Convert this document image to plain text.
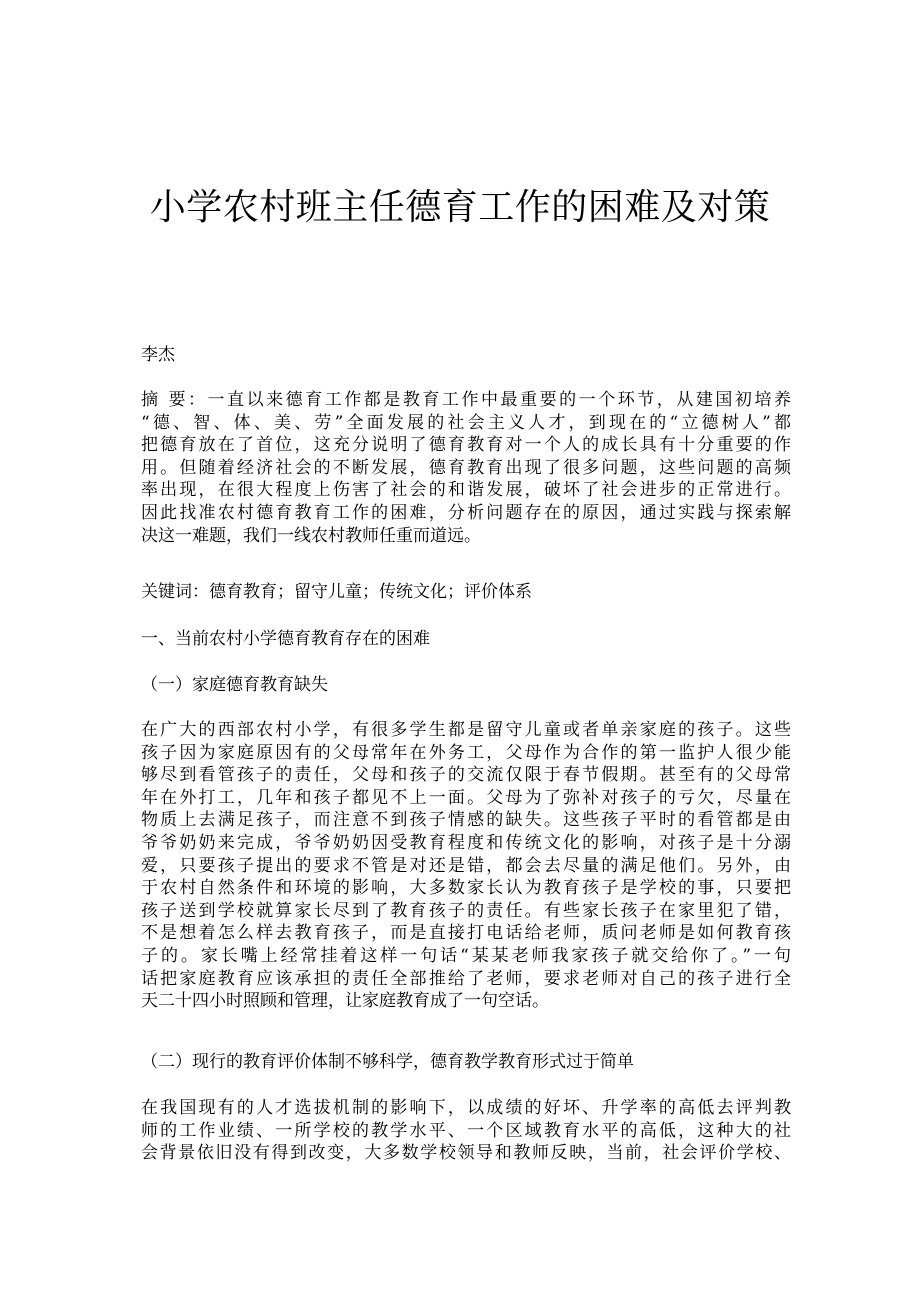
小学农村班主任德育工作的困难及对策
李杰
摘 要：一直以来德育工作都是教育工作中最重要的一个环节，从建国初培养
“德、智、体、美、劳”全面发展的社会主义人才，到现在的“立德树人”都
把德育放在了首位，这充分说明了德育教育对一个人的成长具有十分重要的作
用。但随着经济社会的不断发展，德育教育出现了很多问题，这些问题的高频
率出现，在很大程度上伤害了社会的和谐发展，破坏了社会进步的正常进行。
因此找准农村德育教育工作的困难，分析问题存在的原因，通过实践与探索解
决这一难题，我们一线农村教师任重而道远。
关键词：德育教育；留守儿童；传统文化；评价体系
一、当前农村小学德育教育存在的困难
（一）家庭德育教育缺失
在广大的西部农村小学，有很多学生都是留守儿童或者单亲家庭的孩子。这些
孩子因为家庭原因有的父母常年在外务工，父母作为合作的第一监护人很少能
够尽到看管孩子的责任，父母和孩子的交流仅限于春节假期。甚至有的父母常
年在外打工，几年和孩子都见不上一面。父母为了弥补对孩子的亏欠，尽量在
物质上去满足孩子，而注意不到孩子情感的缺失。这些孩子平时的看管都是由
爷爷奶奶来完成，爷爷奶奶因受教育程度和传统文化的影响，对孩子是十分溺
爱，只要孩子提出的要求不管是对还是错，都会去尽量的满足他们。另外，由
于农村自然条件和环境的影响，大多数家长认为教育孩子是学校的事，只要把
孩子送到学校就算家长尽到了教育孩子的责任。有些家长孩子在家里犯了错，
不是想着怎么样去教育孩子，而是直接打电话给老师，质问老师是如何教育孩
子的。家长嘴上经常挂着这样一句话“某某老师我家孩子就交给你了。”一句
话把家庭教育应该承担的责任全部推给了老师，要求老师对自己的孩子进行全
天二十四小时照顾和管理，让家庭教育成了一句空话。
（二）现行的教育评价体制不够科学，德育教学教育形式过于简单
在我国现有的人才选拔机制的影响下，以成绩的好坏、升学率的高低去评判教
师的工作业绩、一所学校的教学水平、一个区域教育水平的高低，这种大的社
会背景依旧没有得到改变，大多数学校领导和教师反映，当前，社会评价学校、
